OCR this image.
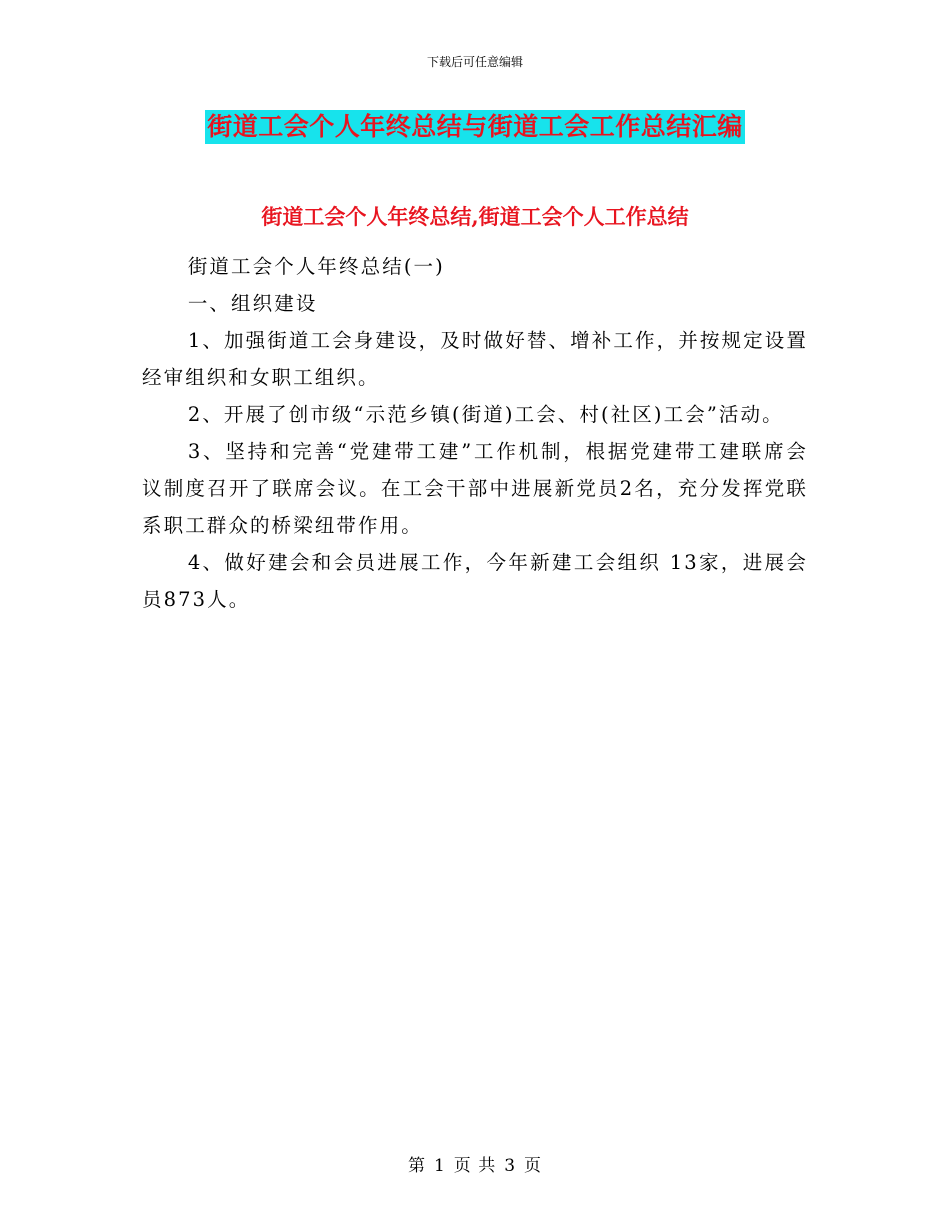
下载后可任意编辑
街道工会个人年终总结与街道工会工作总结汇编
街道工会个人年终总结,街道工会个人工作总结

街道工会个人年终总结(一)

一、组织建设

1、加强街道工会身建设，及时做好替、增补工作，并按规定设置经审组织和女职工组织。

2、开展了创市级“示范乡镇(街道)工会、村(社区)工会”活动。

3、坚持和完善“党建带工建”工作机制，根据党建带工建联席会议制度召开了联席会议。在工会干部中进展新党员2名，充分发挥党联系职工群众的桥梁纽带作用。

4、做好建会和会员进展工作，今年新建工会组织 13家，进展会员873人。

第 1 页 共 3 页
